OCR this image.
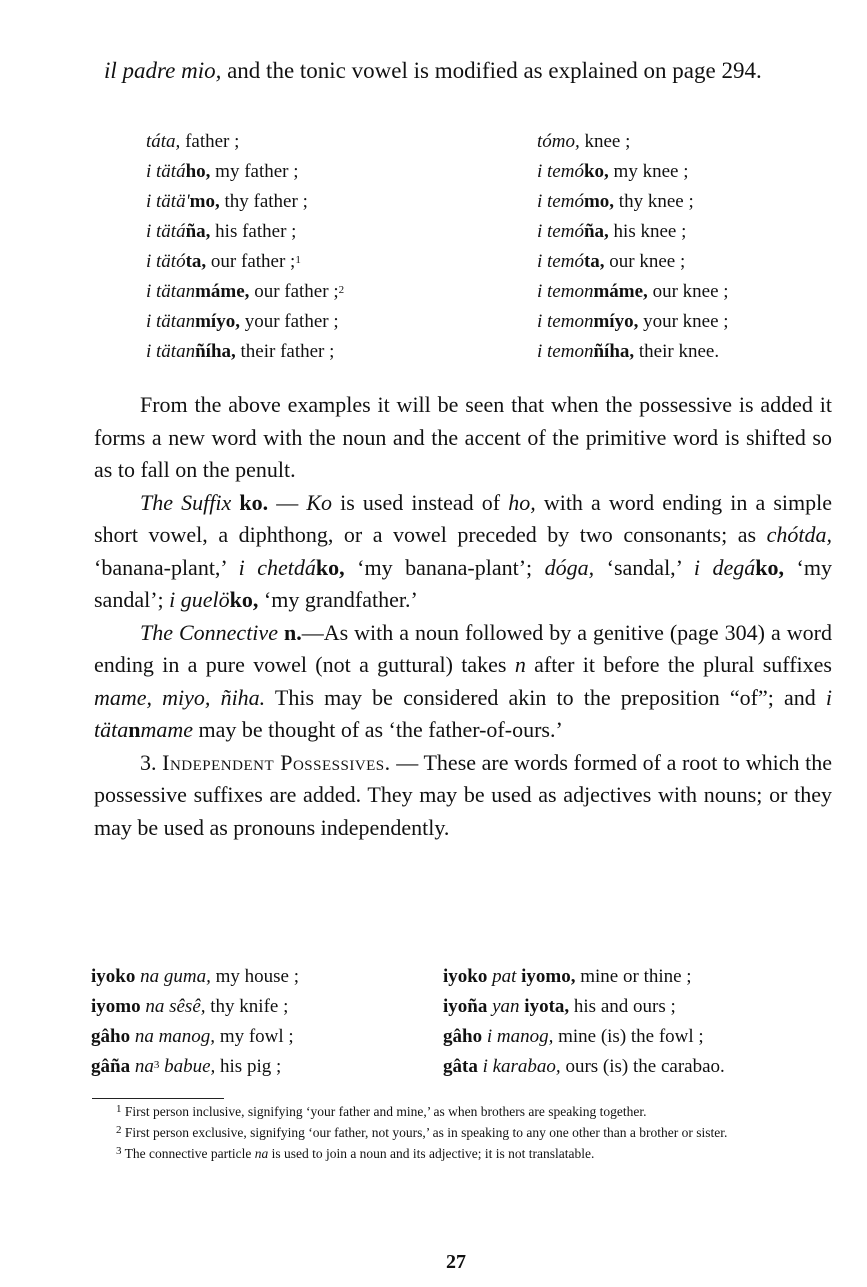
il padre mio, and the tonic vowel is modified as explained on page 294.
táta, father ;
i tätáho, my father ;
i tätä'mo, thy father ;
i tätáña, his father ;
i tätóta, our father ;$^1$
i tätanmáme, our father ;$^2$
i tätanmíyo, your father ;
i tätanñíha, their father ;
tómo, knee ;
i temóko, my knee ;
i temómo, thy knee ;
i temóña, his knee ;
i temóta, our knee ;
i temonmáme, our knee ;
i temonmíyo, your knee ;
i temonñíha, their knee.

From the above examples it will be seen that when the possessive is added it forms a new word with the noun and the accent of the primitive word is shifted so as to fall on the penult.

The Suffix ko. — Ko is used instead of ho, with a word ending in a simple short vowel, a diphthong, or a vowel preceded by two consonants; as chótda, ‘banana-plant,’ i chetdáko, ‘my banana-plant’; dóga, ‘sandal,’ i degáko, ‘my sandal’; i guelöko, ‘my grandfather.’

The Connective n.—As with a noun followed by a genitive (page 304) a word ending in a pure vowel (not a guttural) takes n after it before the plural suffixes mame, miyo, ñiha. This may be considered akin to the preposition “of”; and i tätanmame may be thought of as ‘the father-of-ours.’

3. Independent Possessives. — These are words formed of a root to which the possessive suffixes are added. They may be used as adjectives with nouns; or they may be used as pronouns independently.

iyoko na guma, my house ;
iyomo na sêsê, thy knife ;
gâho na manog, my fowl ;
gâña na$^3$ babue, his pig ;
iyoko pat iyomo, mine or thine ;
iyoña yan iyota, his and ours ;
gâho i manog, mine (is) the fowl ;
gâta i karabao, ours (is) the carabao.

$^1$ First person inclusive, signifying ‘your father and mine,’ as when brothers are speaking together.

$^2$ First person exclusive, signifying ‘our father, not yours,’ as in speaking to any one other than a brother or sister.

$^3$ The connective particle na is used to join a noun and its adjective; it is not translatable.

27
